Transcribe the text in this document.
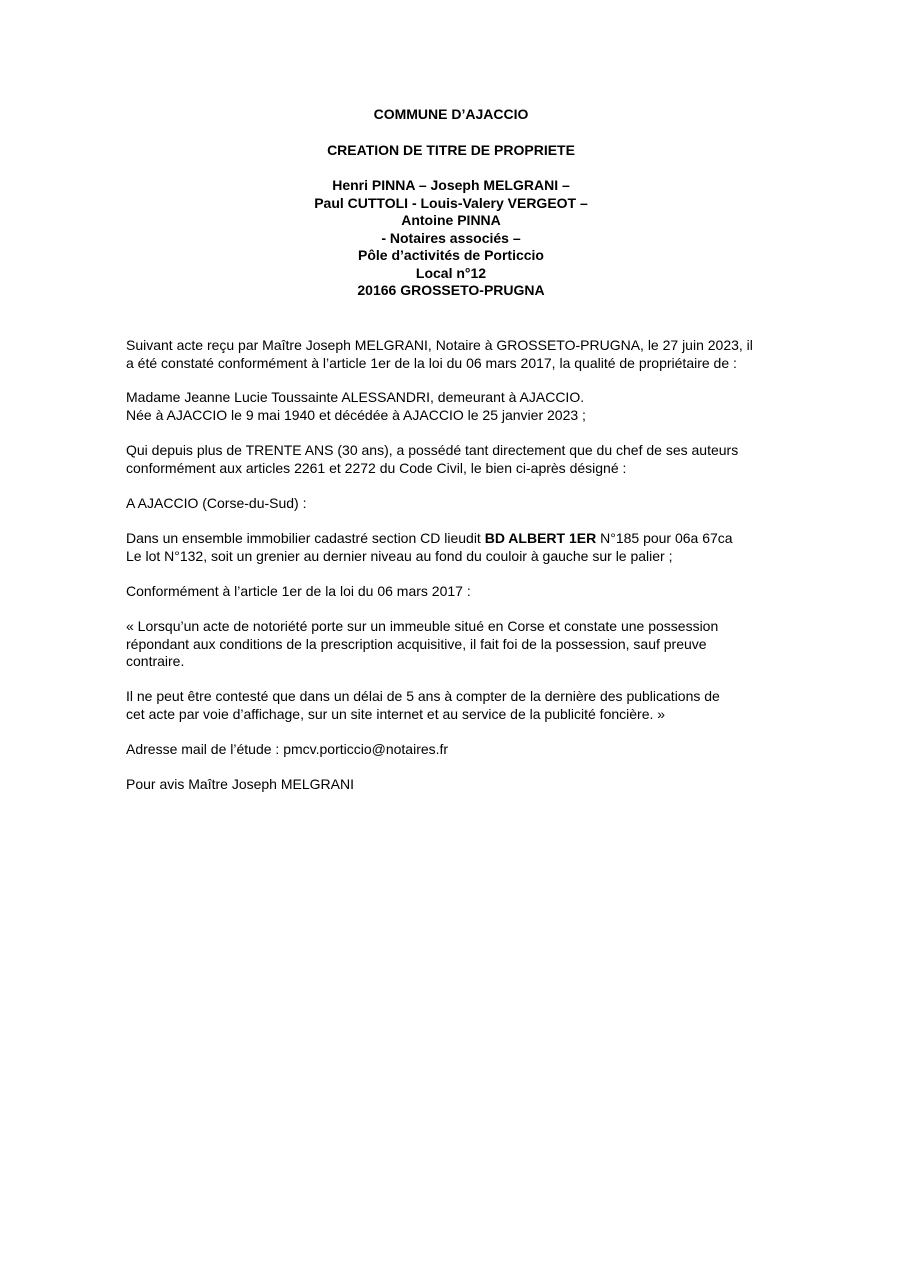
COMMUNE D’AJACCIO
CREATION DE TITRE DE PROPRIETE
Henri PINNA – Joseph MELGRANI –
Paul CUTTOLI - Louis-Valery VERGEOT –
Antoine PINNA
- Notaires associés –
Pôle d’activités de Porticcio
Local n°12
20166 GROSSETO-PRUGNA
Suivant acte reçu par Maître Joseph MELGRANI, Notaire à GROSSETO-PRUGNA, le 27 juin 2023, il
a été constaté conformément à l’article 1er de la loi du 06 mars 2017, la qualité de propriétaire de :
Madame Jeanne Lucie Toussainte ALESSANDRI, demeurant à AJACCIO.
Née à AJACCIO le 9 mai 1940 et décédée à AJACCIO le 25 janvier 2023 ;
Qui depuis plus de TRENTE ANS (30 ans), a possédé tant directement que du chef de ses auteurs
conformément aux articles 2261 et 2272 du Code Civil, le bien ci-après désigné :
A AJACCIO (Corse-du-Sud) :
Dans un ensemble immobilier cadastré section CD lieudit BD ALBERT 1ER N°185 pour 06a 67ca
Le lot N°132, soit un grenier au dernier niveau au fond du couloir à gauche sur le palier ;
Conformément à l’article 1er de la loi du 06 mars 2017 :
« Lorsqu’un acte de notoriété porte sur un immeuble situé en Corse et constate une possession
répondant aux conditions de la prescription acquisitive, il fait foi de la possession, sauf preuve
contraire.
Il ne peut être contesté que dans un délai de 5 ans à compter de la dernière des publications de
cet acte par voie d’affichage, sur un site internet et au service de la publicité foncière. »
Adresse mail de l’étude : pmcv.porticcio@notaires.fr
Pour avis Maître Joseph MELGRANI
